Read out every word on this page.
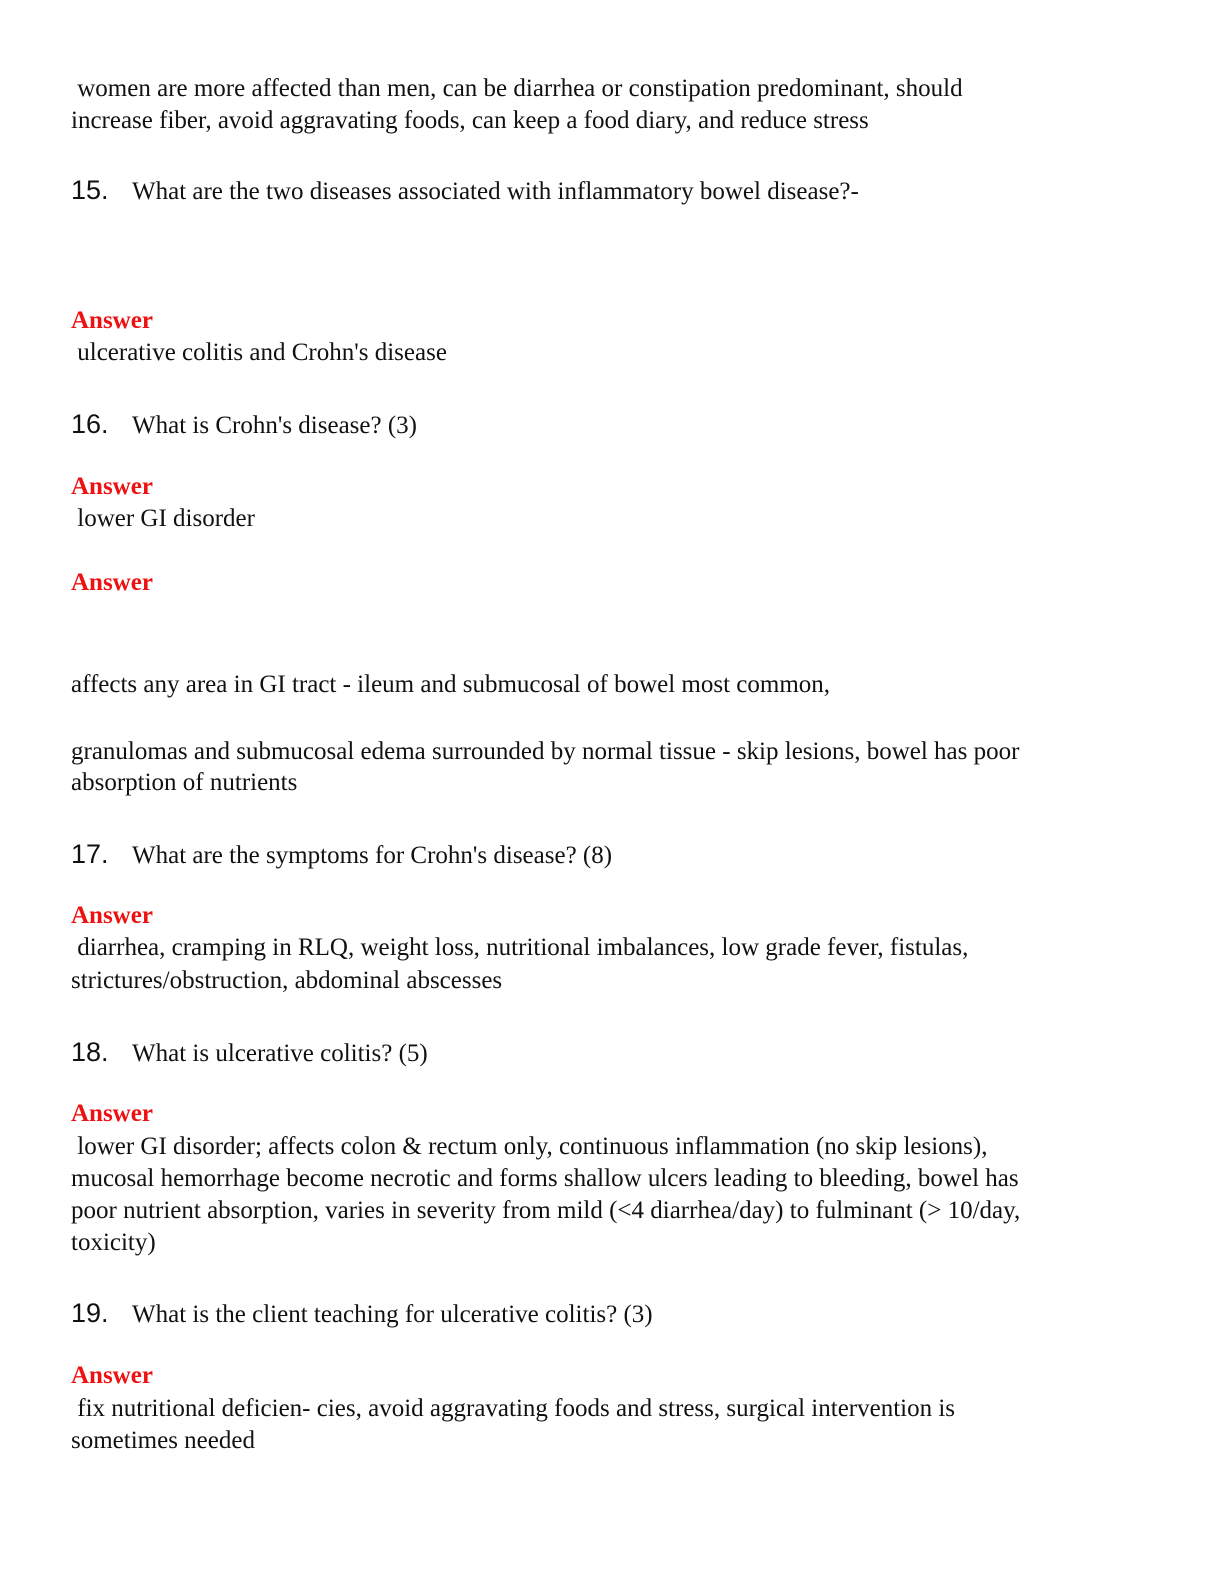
women are more affected than men, can be diarrhea or constipation predominant, should
increase fiber, avoid aggravating foods, can keep a food diary, and reduce stress
15. What are the two diseases associated with inflammatory bowel disease?-
Answer
ulcerative colitis and Crohn's disease
16. What is Crohn's disease? (3)
Answer
lower GI disorder
Answer
affects any area in GI tract - ileum and submucosal of bowel most common,
granulomas and submucosal edema surrounded by normal tissue - skip lesions, bowel has poor
absorption of nutrients
17. What are the symptoms for Crohn's disease? (8)
Answer
diarrhea, cramping in RLQ, weight loss, nutritional imbalances, low grade fever, fistulas,
strictures/obstruction, abdominal abscesses
18. What is ulcerative colitis? (5)
Answer
lower GI disorder; affects colon & rectum only, continuous inflammation (no skip lesions),
mucosal hemorrhage become necrotic and forms shallow ulcers leading to bleeding, bowel has
poor nutrient absorption, varies in severity from mild (<4 diarrhea/day) to fulminant (> 10/day,
toxicity)
19. What is the client teaching for ulcerative colitis? (3)
Answer
fix nutritional deficien- cies, avoid aggravating foods and stress, surgical intervention is
sometimes needed
